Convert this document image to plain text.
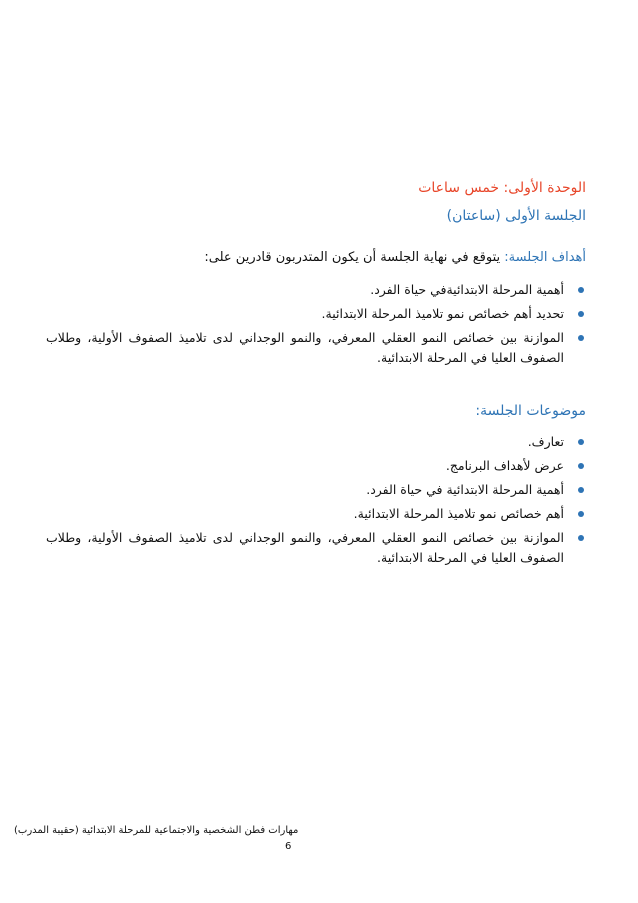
الوحدة الأولى: خمس ساعات
الجلسة الأولى (ساعتان)
أهداف الجلسة: يتوقع في نهاية الجلسة أن يكون المتدربون قادرين على:
أهمية المرحلة الابتدائيةفي حياة الفرد.
تحديد أهم خصائص نمو تلاميذ المرحلة الابتدائية.
الموازنة بين خصائص النمو العقلي المعرفي، والنمو الوجداني لدى تلاميذ الصفوف الأولية، وطلاب الصفوف العليا في المرحلة الابتدائية.
موضوعات الجلسة:
تعارف.
عرض لأهداف البرنامج.
أهمية المرحلة الابتدائية في حياة الفرد.
أهم خصائص نمو تلاميذ المرحلة الابتدائية.
الموازنة بين خصائص النمو العقلي المعرفي، والنمو الوجداني لدى تلاميذ الصفوف الأولية، وطلاب الصفوف العليا في المرحلة الابتدائية.
مهارات فطن الشخصية والاجتماعية للمرحلة الابتدائية (حقيبة المدرب)
6
